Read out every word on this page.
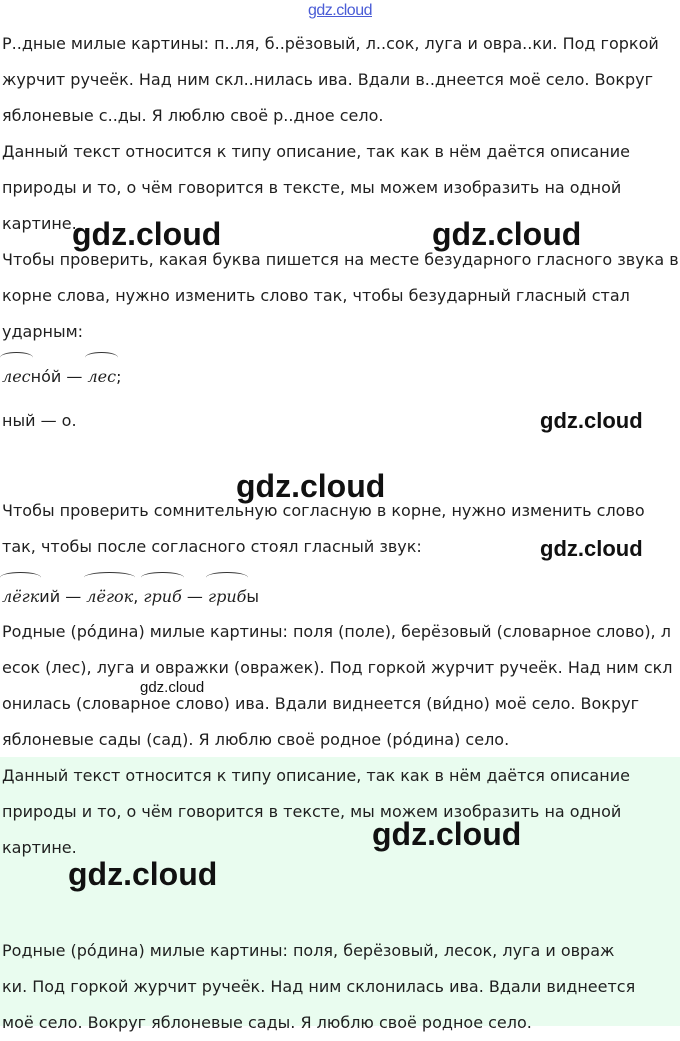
gdz.cloud
Р..дные милые картины: п..ля, б..рёзовый, л..сок, луга и овра..ки. Под горкой
журчит ручеёк. Над ним скл..нилась ива. Вдали в..днеется моё село. Вокруг
яблоневые с..ды. Я люблю своё р..дное село.
Данный текст относится к типу описание, так как в нём даётся описание
природы и то, о чём говорится в тексте, мы можем изобразить на одной
картине.
Чтобы проверить, какая буква пишется на месте безударного гласного звука в
корне слова, нужно изменить слово так, чтобы безударный гласный стал
ударным:
лесно́й — лес;
ный — о.
Чтобы проверить сомнительную согласную в корне, нужно изменить слово
так, чтобы после согласного стоял гласный звук:
лёгкий — лёгок, гриб — грибы
Родные (ро́дина) милые картины: поля (поле), берёзовый (словарное слово), л
есок (лес), луга и овражки (овражек). Под горкой журчит ручеёк. Над ним скл
онилась (словарное слово) ива. Вдали виднеется (ви́дно) моё село. Вокруг
яблоневые сады (сад). Я люблю своё родное (ро́дина) село.
Данный текст относится к типу описание, так как в нём даётся описание
природы и то, о чём говорится в тексте, мы можем изобразить на одной
картине.
Родные (ро́дина) милые картины: поля, берёзовый, лесок, луга и овраж
ки. Под горкой журчит ручеёк. Над ним склонилась ива. Вдали виднеется
моё село. Вокруг яблоневые сады. Я люблю своё родное село.
gdz.cloud	gdz.cloud
gdz.cloud
gdz.cloud
gdz.cloud
gdz.cloud
gdz.cloud
gdz.cloud
